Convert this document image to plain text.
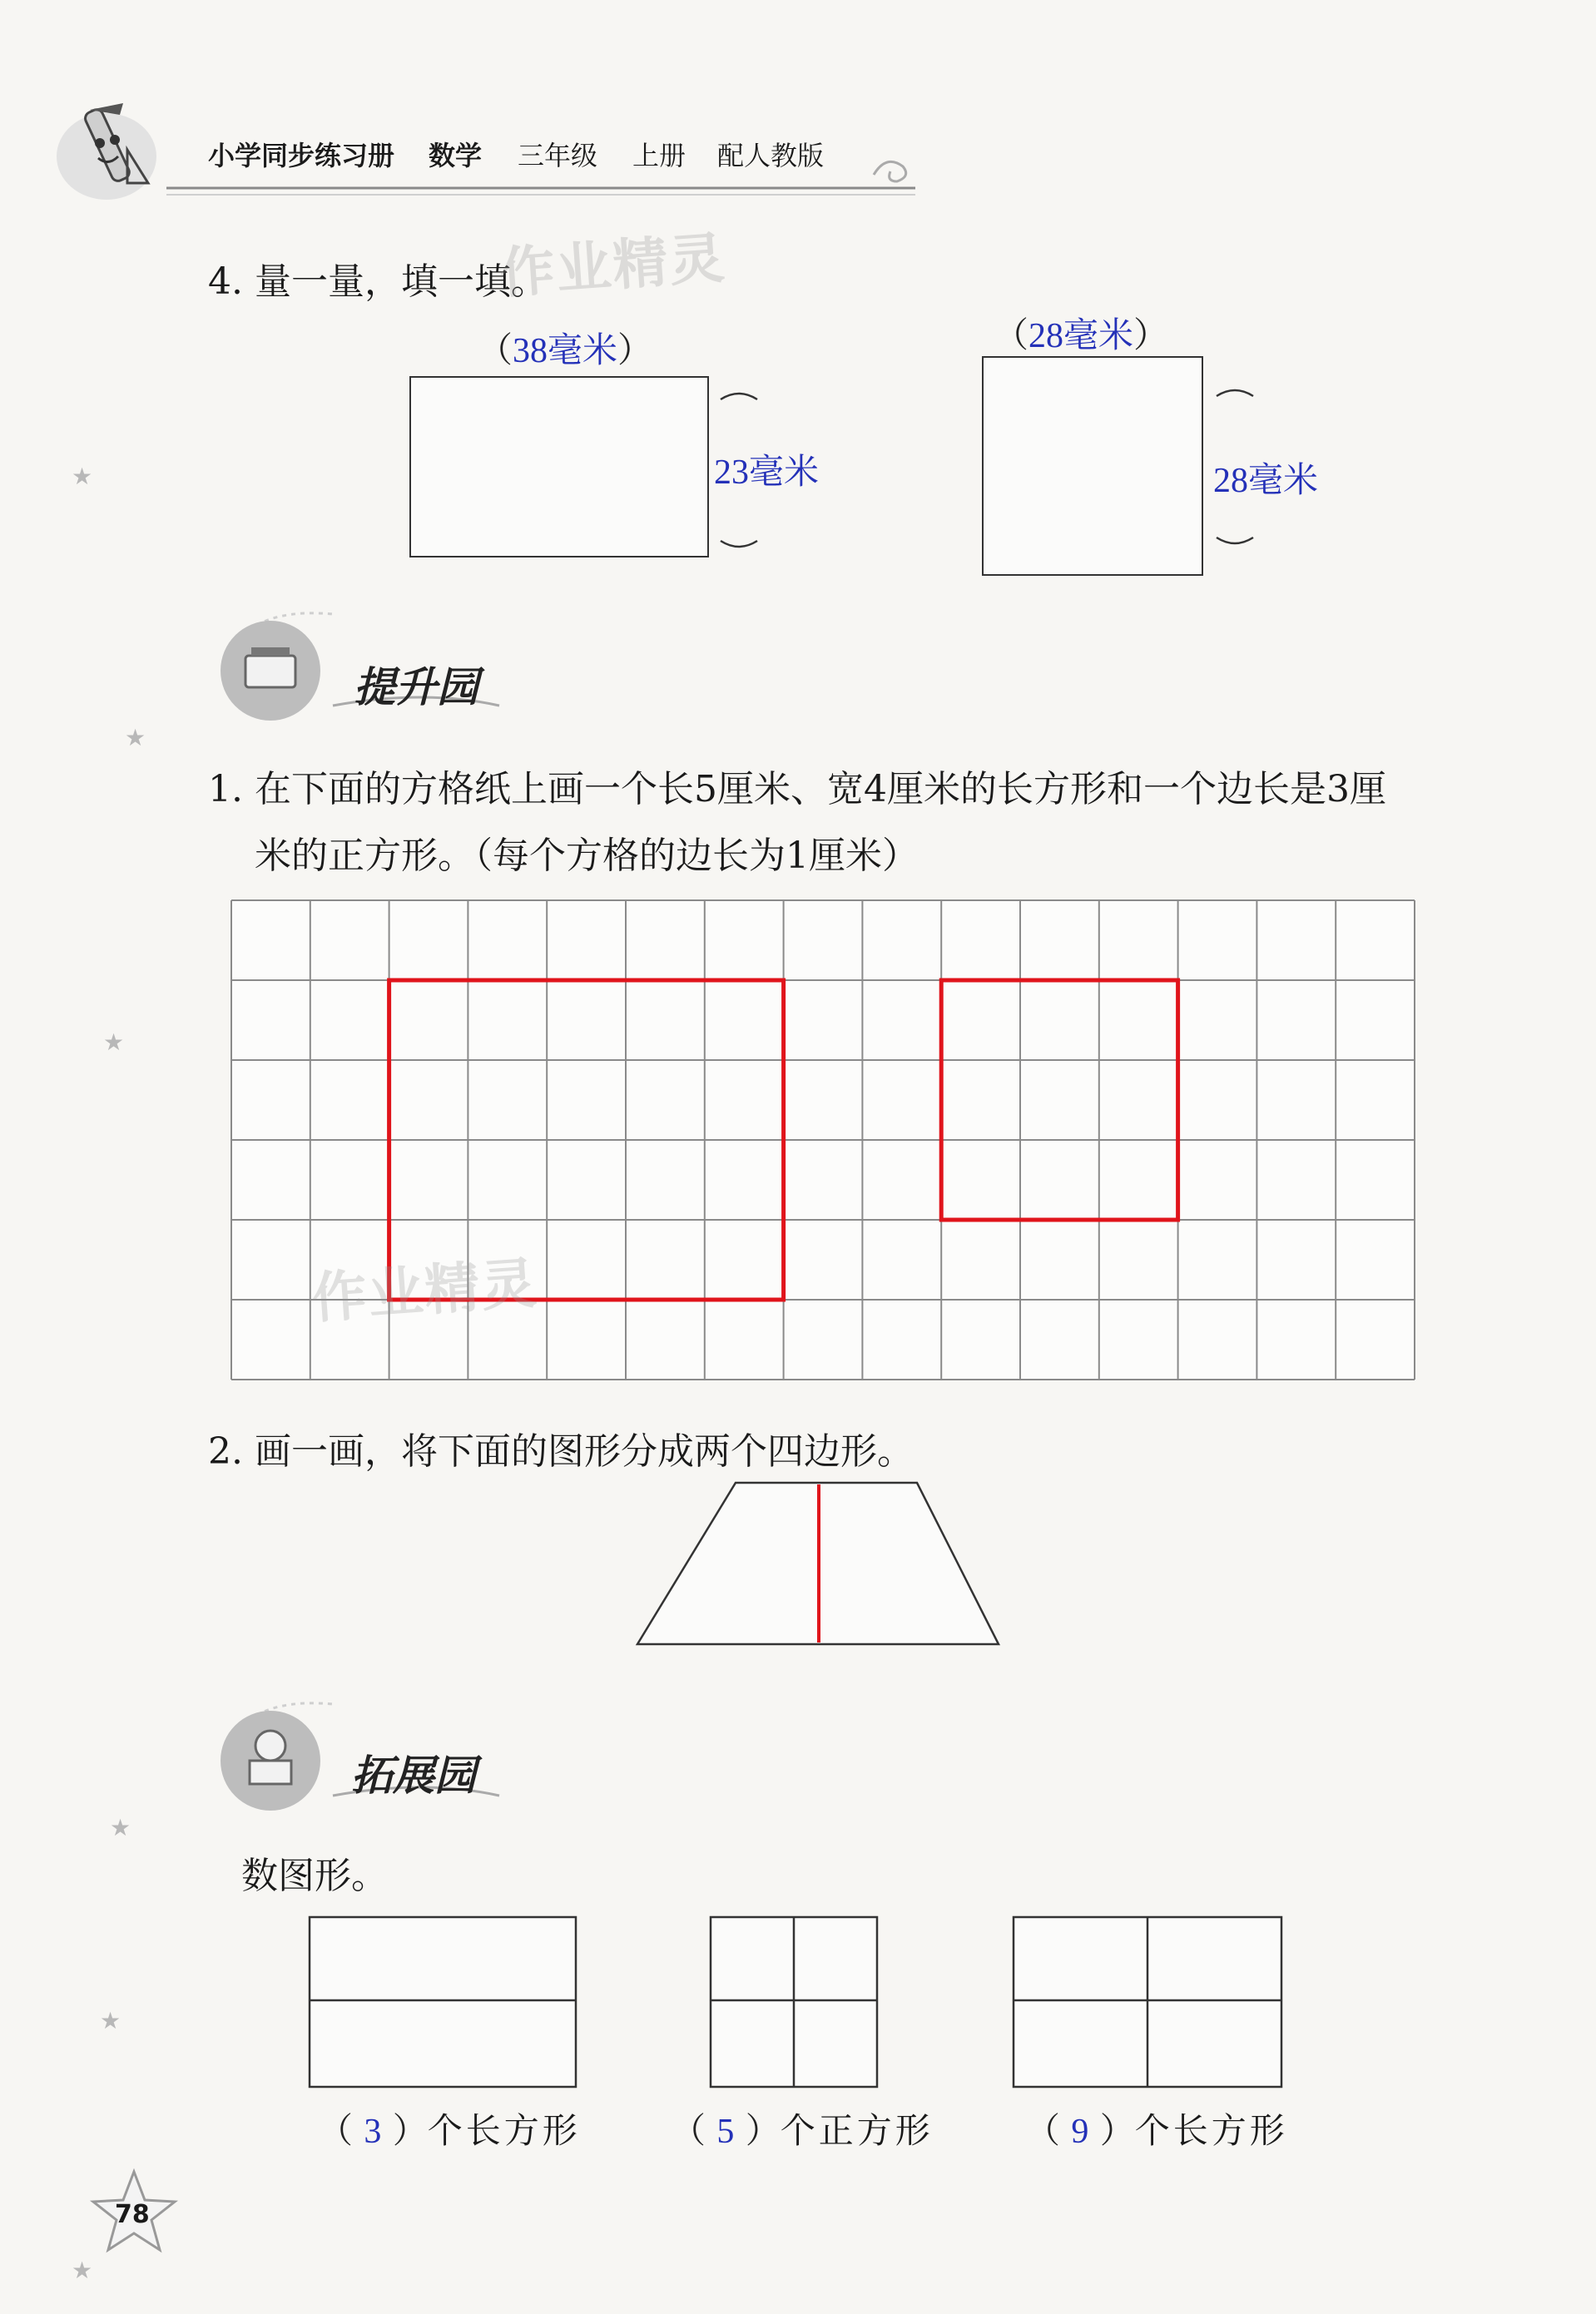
小学同步练习册 数学 三年级 上册 配人教版
4. 量一量，填一填。
作业精灵
（38毫米）
23毫米
（28毫米）
28毫米
提升园
1. 在下面的方格纸上画一个长5厘米、宽4厘米的长方形和一个边长是3厘
米的正方形。（每个方格的边长为1厘米）
作业精灵
2. 画一画，将下面的图形分成两个四边形。
拓展园
数图形。
（ 3 ）个长方形	（ 5 ）个正方形	（ 9 ）个长方形
78
★
★
★
★
★
★
